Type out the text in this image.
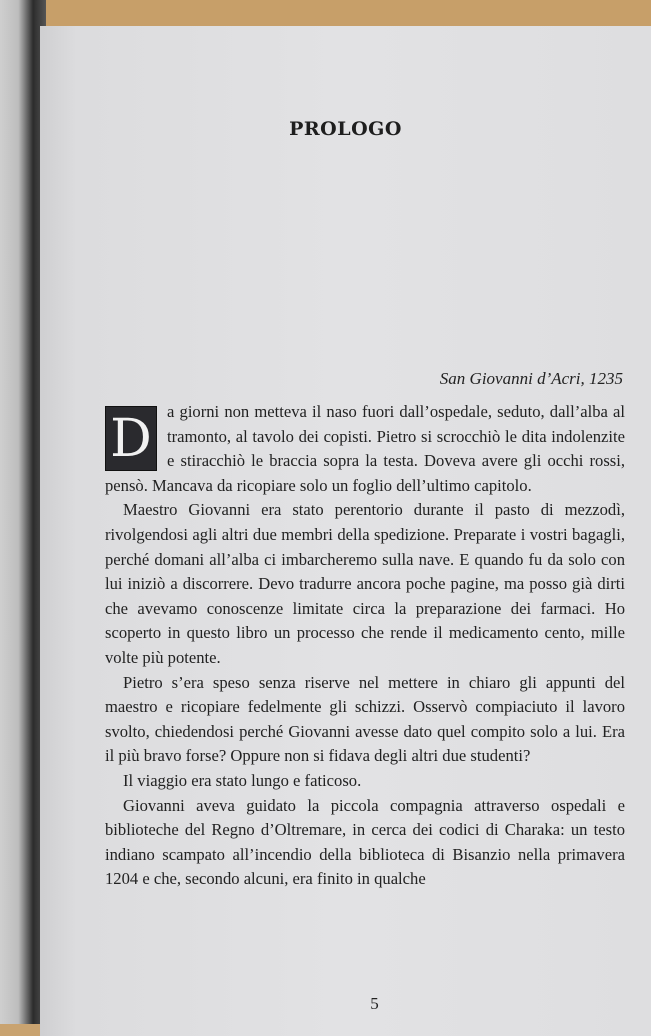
PROLOGO
San Giovanni d’Acri, 1235

D a giorni non metteva il naso fuori dall’ospedale, seduto, dall’alba al tramonto, al tavolo dei copisti. Pietro si scrocchiò le dita indolenzite e stiracchiò le braccia sopra la testa. Doveva avere gli occhi rossi, pensò. Mancava da ricopiare solo un foglio dell’ultimo capitolo.

Maestro Giovanni era stato perentorio durante il pasto di mezzodì, rivolgendosi agli altri due membri della spedizione. Preparate i vostri bagagli, perché domani all’alba ci imbarcheremo sulla nave. E quando fu da solo con lui iniziò a discorrere. Devo tradurre ancora poche pagine, ma posso già dirti che avevamo conoscenze limitate circa la preparazione dei farmaci. Ho scoperto in questo libro un processo che rende il medicamento cento, mille volte più potente.

Pietro s’era speso senza riserve nel mettere in chiaro gli appunti del maestro e ricopiare fedelmente gli schizzi. Osservò compiaciuto il lavoro svolto, chiedendosi perché Giovanni avesse dato quel compito solo a lui. Era il più bravo forse? Oppure non si fidava degli altri due studenti?

Il viaggio era stato lungo e faticoso.

Giovanni aveva guidato la piccola compagnia attraverso ospedali e biblioteche del Regno d’Oltremare, in cerca dei codici di Charaka: un testo indiano scampato all’incendio della biblioteca di Bisanzio nella primavera 1204 e che, secondo alcuni, era finito in qualche

5
